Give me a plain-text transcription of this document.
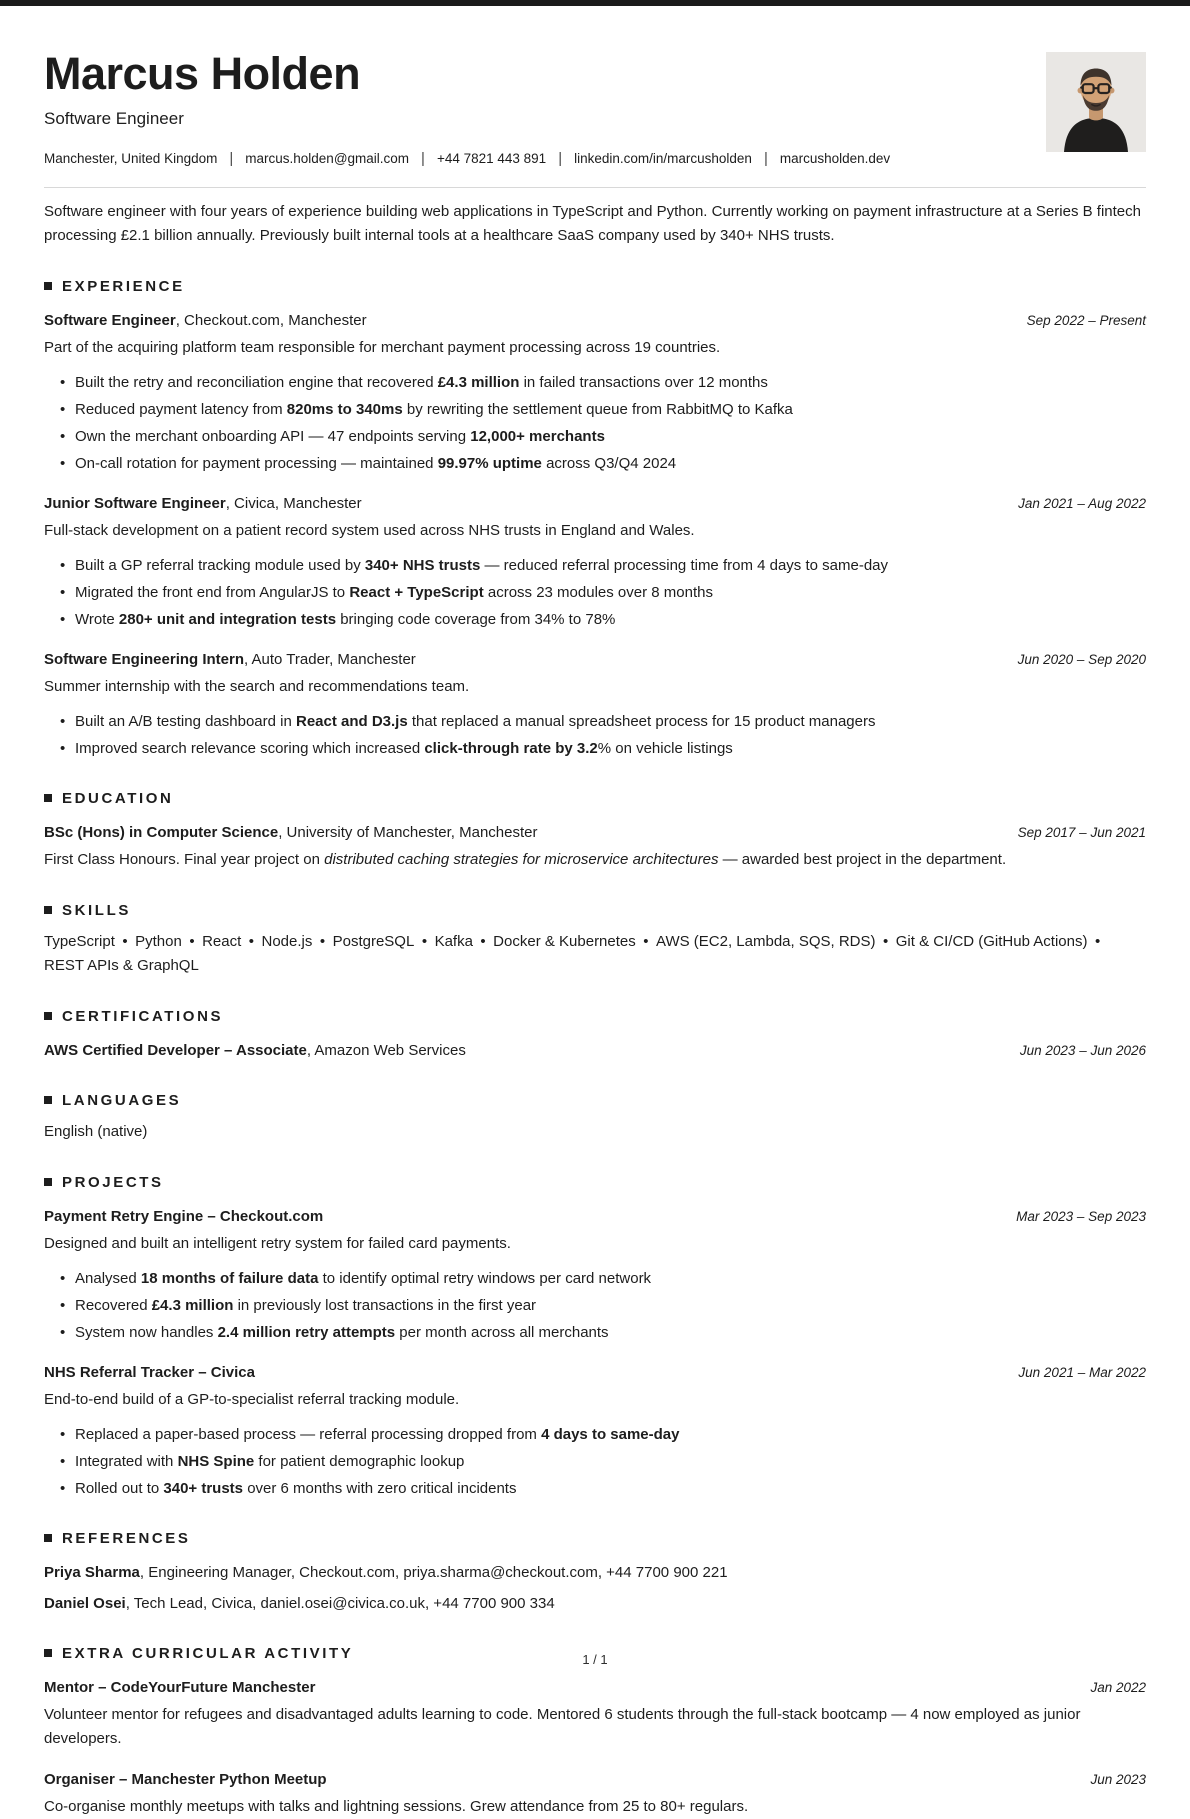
Marcus Holden
Software Engineer
Manchester, United Kingdom | marcus.holden@gmail.com | +44 7821 443 891 | linkedin.com/in/marcusholden | marcusholden.dev

Software engineer with four years of experience building web applications in TypeScript and Python. Currently working on payment infrastructure at a Series B fintech processing £2.1 billion annually. Previously built internal tools at a healthcare SaaS company used by 340+ NHS trusts.

EXPERIENCE
Software Engineer, Checkout.com, Manchester	Sep 2022 – Present
Part of the acquiring platform team responsible for merchant payment processing across 19 countries.
• Built the retry and reconciliation engine that recovered £4.3 million in failed transactions over 12 months
• Reduced payment latency from 820ms to 340ms by rewriting the settlement queue from RabbitMQ to Kafka
• Own the merchant onboarding API — 47 endpoints serving 12,000+ merchants
• On-call rotation for payment processing — maintained 99.97% uptime across Q3/Q4 2024
Junior Software Engineer, Civica, Manchester	Jan 2021 – Aug 2022
Full-stack development on a patient record system used across NHS trusts in England and Wales.
• Built a GP referral tracking module used by 340+ NHS trusts — reduced referral processing time from 4 days to same-day
• Migrated the front end from AngularJS to React + TypeScript across 23 modules over 8 months
• Wrote 280+ unit and integration tests bringing code coverage from 34% to 78%
Software Engineering Intern, Auto Trader, Manchester	Jun 2020 – Sep 2020
Summer internship with the search and recommendations team.
• Built an A/B testing dashboard in React and D3.js that replaced a manual spreadsheet process for 15 product managers
• Improved search relevance scoring which increased click-through rate by 3.2% on vehicle listings
EDUCATION
BSc (Hons) in Computer Science, University of Manchester, Manchester	Sep 2017 – Jun 2021
First Class Honours. Final year project on distributed caching strategies for microservice architectures — awarded best project in the department.
SKILLS

TypeScript • Python • React • Node.js • PostgreSQL • Kafka • Docker & Kubernetes • AWS (EC2, Lambda, SQS, RDS) • Git & CI/CD (GitHub Actions) • REST APIs & GraphQL

CERTIFICATIONS
AWS Certified Developer – Associate, Amazon Web Services	Jun 2023 – Jun 2026
LANGUAGES

English (native)

PROJECTS
Payment Retry Engine – Checkout.com	Mar 2023 – Sep 2023
Designed and built an intelligent retry system for failed card payments.
• Analysed 18 months of failure data to identify optimal retry windows per card network
• Recovered £4.3 million in previously lost transactions in the first year
• System now handles 2.4 million retry attempts per month across all merchants
NHS Referral Tracker – Civica	Jun 2021 – Mar 2022
End-to-end build of a GP-to-specialist referral tracking module.
• Replaced a paper-based process — referral processing dropped from 4 days to same-day
• Integrated with NHS Spine for patient demographic lookup
• Rolled out to 340+ trusts over 6 months with zero critical incidents
REFERENCES
Priya Sharma, Engineering Manager, Checkout.com, priya.sharma@checkout.com, +44 7700 900 221
Daniel Osei, Tech Lead, Civica, daniel.osei@civica.co.uk, +44 7700 900 334
EXTRA CURRICULAR ACTIVITY
Mentor – CodeYourFuture Manchester	Jan 2022
Volunteer mentor for refugees and disadvantaged adults learning to code. Mentored 6 students through the full-stack bootcamp — 4 now employed as junior developers.
Organiser – Manchester Python Meetup	Jun 2023
Co-organise monthly meetups with talks and lightning sessions. Grew attendance from 25 to 80+ regulars.
1 / 1
